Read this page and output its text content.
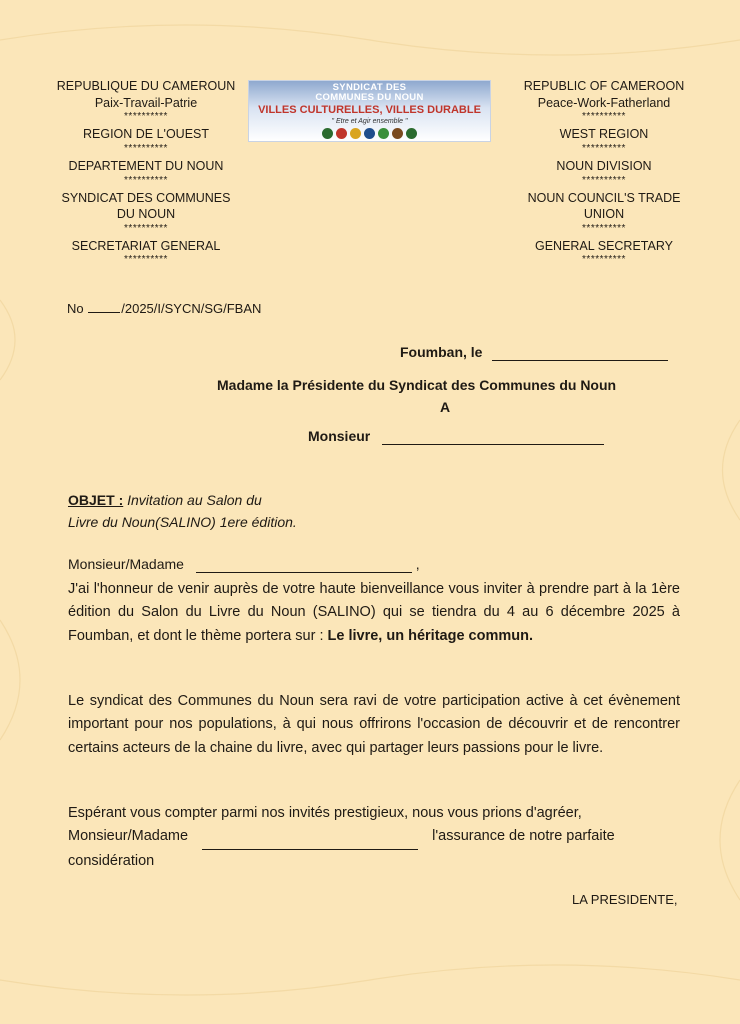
REPUBLIQUE DU CAMEROUN
Paix-Travail-Patrie
**********
REGION DE L'OUEST
**********
DEPARTEMENT DU NOUN
**********
SYNDICAT DES COMMUNES
DU NOUN
**********
SECRETARIAT GENERAL
**********
SYNDICAT DES
COMMUNES DU NOUN
VILLES CULTURELLES, VILLES DURABLE
" Etre et Agir ensemble "
REPUBLIC OF CAMEROON
Peace-Work-Fatherland
**********
WEST REGION
**********
NOUN DIVISION
**********
NOUN COUNCIL'S TRADE
UNION
**********
GENERAL SECRETARY
**********
No	/2025/I/SYCN/SG/FBAN
Foumban, le
Madame la Présidente du Syndicat des Communes du Noun
A
Monsieur
OBJET : Invitation au Salon du
Livre du Noun(SALINO) 1ere édition.
Monsieur/Madame	,
J'ai l'honneur de venir auprès de votre haute bienveillance vous inviter à prendre part à la 1ère édition du Salon du Livre du Noun (SALINO) qui se tiendra du 4 au 6 décembre 2025 à Foumban, et dont le thème portera sur : Le livre, un héritage commun.
Le syndicat des Communes du Noun sera ravi de votre participation active à cet évènement important pour nos populations, à qui nous offrirons l'occasion de découvrir et de rencontrer certains acteurs de la chaine du livre, avec qui partager leurs passions pour le livre.
Espérant vous compter parmi nos invités prestigieux, nous vous prions d'agréer,
Monsieur/Madame	l'assurance de notre parfaite
considération
LA PRESIDENTE,
